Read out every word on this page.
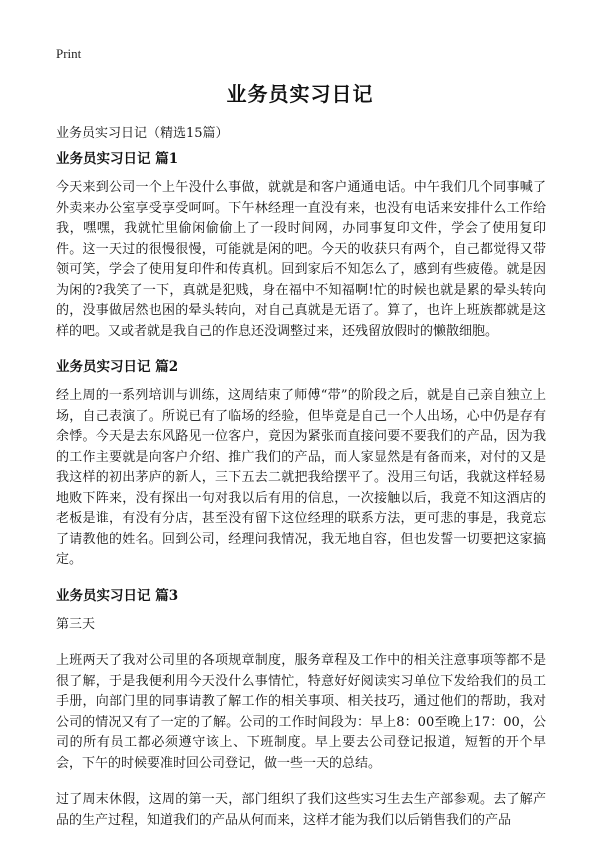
Print
业务员实习日记
业务员实习日记（精选15篇）
业务员实习日记 篇1

今天来到公司一个上午没什么事做，就就是和客户通通电话。中午我们几个同事喊了外卖来办公室享受享受呵呵。下午林经理一直没有来，也没有电话来安排什么工作给我，嘿嘿，我就忙里偷闲偷偷上了一段时间网，办同事复印文件，学会了使用复印件。这一天过的很慢很慢，可能就是闲的吧。今天的收获只有两个，自己都觉得又带领可笑，学会了使用复印件和传真机。回到家后不知怎么了，感到有些疲倦。就是因为闲的?我笑了一下，真就是犯贱，身在福中不知福啊!忙的时候也就是累的晕头转向的，没事做居然也困的晕头转向，对自己真就是无语了。算了，也许上班族都就是这样的吧。又或者就是我自己的作息还没调整过来，还残留放假时的懒散细胞。

业务员实习日记 篇2

经上周的一系列培训与训练，这周结束了师傅“带”的阶段之后，就是自己亲自独立上场，自己表演了。所说已有了临场的经验，但毕竟是自己一个人出场，心中仍是存有余悸。今天是去东风路见一位客户，竟因为紧张而直接问要不要我们的产品，因为我的工作主要就是向客户介绍、推广我们的产品，而人家显然是有备而来，对付的又是我这样的初出茅庐的新人，三下五去二就把我给摆平了。没用三句话，我就这样轻易地败下阵来，没有探出一句对我以后有用的信息，一次接触以后，我竟不知这酒店的老板是谁，有没有分店，甚至没有留下这位经理的联系方法，更可悲的事是，我竟忘了请教他的姓名。回到公司，经理问我情况，我无地自容，但也发誓一切要把这家搞定。

业务员实习日记 篇3

第三天

上班两天了我对公司里的各项规章制度，服务章程及工作中的相关注意事项等都不是很了解，于是我便利用今天没什么事情忙，特意好好阅读实习单位下发给我们的员工手册，向部门里的同事请教了解工作的相关事项、相关技巧，通过他们的帮助，我对公司的情况又有了一定的了解。公司的工作时间段为：早上8：00至晚上17：00，公司的所有员工都必须遵守该上、下班制度。早上要去公司登记报道，短暂的开个早会，下午的时候要准时回公司登记，做一些一天的总结。

过了周末休假，这周的第一天，部门组织了我们这些实习生去生产部参观。去了解产品的生产过程，知道我们的产品从何而来，这样才能为我们以后销售我们的产品
